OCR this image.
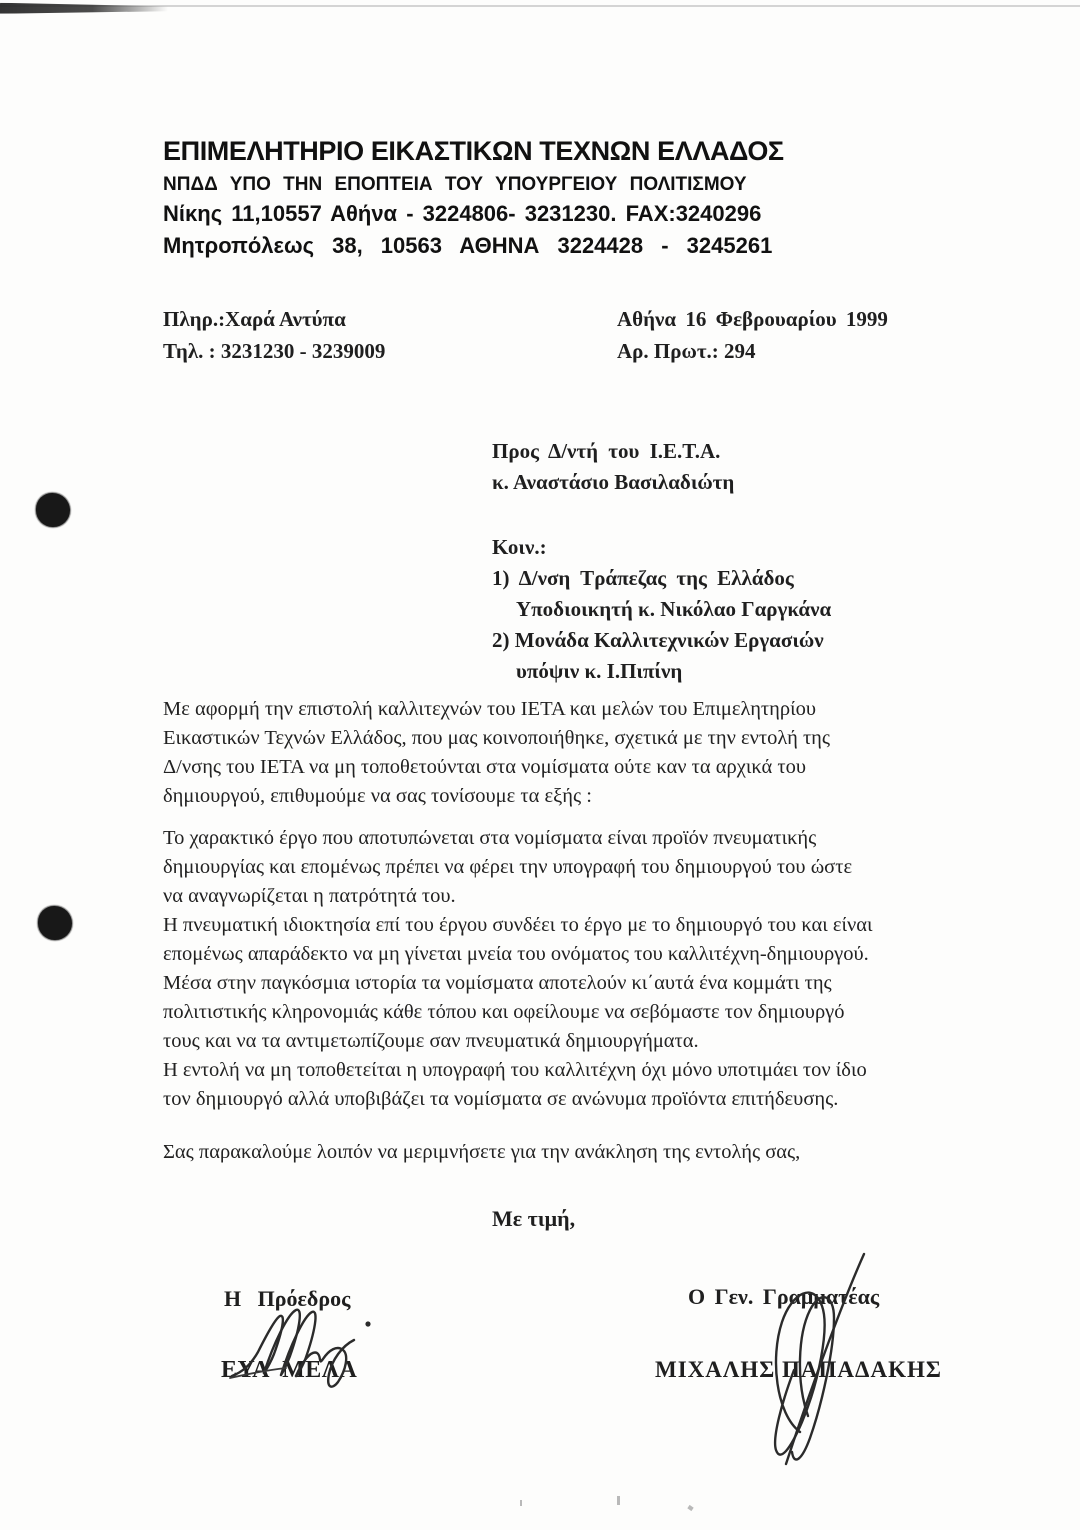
ΕΠΙΜΕΛΗΤΗΡΙΟ ΕΙΚΑΣΤΙΚΩΝ ΤΕΧΝΩΝ ΕΛΛΑΔΟΣ
ΝΠΔΔ ΥΠΟ ΤΗΝ ΕΠΟΠΤΕΙΑ ΤΟΥ ΥΠΟΥΡΓΕΙΟΥ ΠΟΛΙΤΙΣΜΟΥ
Νίκης 11,10557 Αθήνα - 3224806- 3231230. FAX:3240296
Μητροπόλεως 38, 10563 ΑΘΗΝΑ 3224428 - 3245261
Πληρ.:Χαρά Αντύπα
Τηλ. : 3231230 - 3239009
Αθήνα 16 Φεβρουαρίου 1999
Αρ. Πρωτ.: 294
Προς Δ/ντή του Ι.Ε.Τ.Α.
κ. Αναστάσιο Βασιλαδιώτη
Κοιν.:
1) Δ/νση Τράπεζας της Ελλάδος
Υποδιοικητή κ. Νικόλαο Γαργκάνα
2) Μονάδα Καλλιτεχνικών Εργασιών
υπόψιν κ. Ι.Πιπίνη
Με αφορμή την επιστολή καλλιτεχνών του ΙΕΤΑ και μελών του Επιμελητηρίου
Εικαστικών Τεχνών Ελλάδος, που μας κοινοποιήθηκε, σχετικά με την εντολή της
Δ/νσης του ΙΕΤΑ να μη τοποθετούνται στα νομίσματα ούτε καν τα αρχικά του
δημιουργού, επιθυμούμε να σας τονίσουμε τα εξής :
Το χαρακτικό έργο που αποτυπώνεται στα νομίσματα είναι προϊόν πνευματικής
δημιουργίας και επομένως πρέπει να φέρει την υπογραφή του δημιουργού του ώστε
να αναγνωρίζεται η πατρότητά του.
Η πνευματική ιδιοκτησία επί του έργου συνδέει το έργο με το δημιουργό του και είναι
επομένως απαράδεκτο να μη γίνεται μνεία του ονόματος του καλλιτέχνη-δημιουργού.
Μέσα στην παγκόσμια ιστορία τα νομίσματα αποτελούν κι΄αυτά ένα κομμάτι της
πολιτιστικής κληρονομιάς κάθε τόπου και οφείλουμε να σεβόμαστε τον δημιουργό
τους και να τα αντιμετωπίζουμε σαν πνευματικά δημιουργήματα.
Η εντολή να μη τοποθετείται η υπογραφή του καλλιτέχνη όχι μόνο υποτιμάει τον ίδιο
τον δημιουργό αλλά υποβιβάζει τα νομίσματα σε ανώνυμα προϊόντα επιτήδευσης.
Σας παρακαλούμε λοιπόν να μεριμνήσετε για την ανάκληση της εντολής σας,
Με τιμή,
Η Πρόεδρος
ΕΥΑ ΜΕΛΑ
Ο Γεν. Γραμματέας
ΜΙΧΑΛΗΣ ΠΑΠΑΔΑΚΗΣ
